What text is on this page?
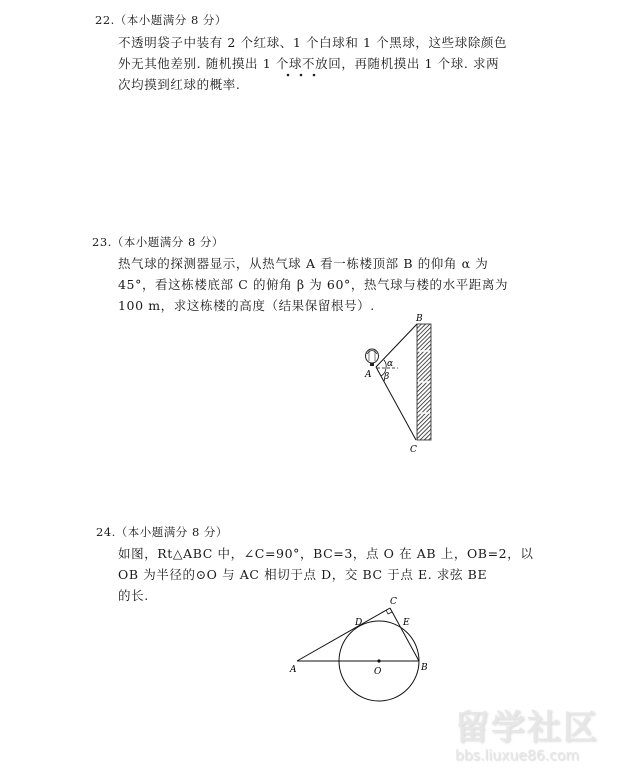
22.（本小题满分 8 分）
不透明袋子中装有 2 个红球、1 个白球和 1 个黑球，这些球除颜色
外无其他差别. 随机摸出 1 个球不放回，再随机摸出 1 个球. 求两
次均摸到红球的概率.
23.（本小题满分 8 分）
热气球的探测器显示，从热气球 A 看一栋楼顶部 B 的仰角 α 为
45°，看这栋楼底部 C 的俯角 β 为 60°，热气球与楼的水平距离为
100 m，求这栋楼的高度（结果保留根号）.
B
A
C
α
β
24.（本小题满分 8 分）
如图，Rt△ABC 中，∠C=90°，BC=3，点 O 在 AB 上，OB=2，以
OB 为半径的⊙O 与 AC 相切于点 D，交 BC 于点 E. 求弦 BE
的长.
A	O	B
C
D	E
留学社区
bbs.liuxue86.com
